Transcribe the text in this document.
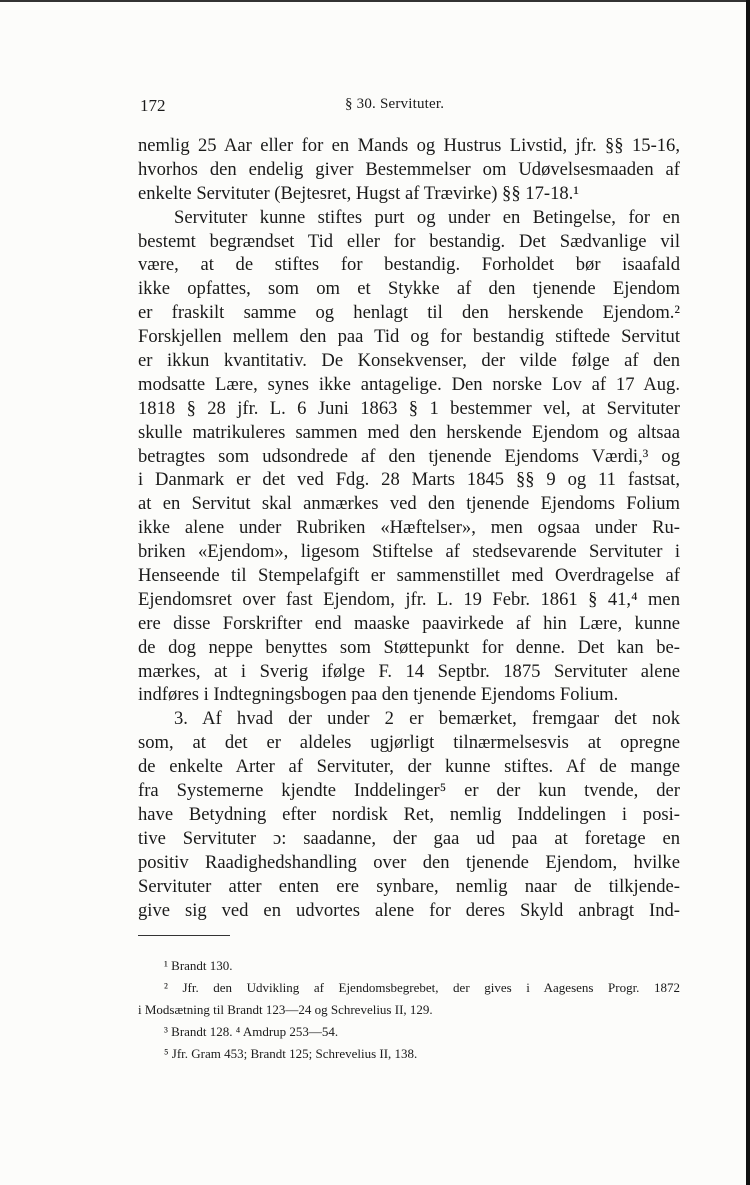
172	§ 30. Servituter.
nemlig 25 Aar eller for en Mands og Hustrus Livstid, jfr. §§ 15-16,
hvorhos den endelig giver Bestemmelser om Udøvelsesmaaden af
enkelte Servituter (Bejtesret, Hugst af Trævirke) §§ 17-18.¹
Servituter kunne stiftes purt og under en Betingelse, for en
bestemt begrændset Tid eller for bestandig. Det Sædvanlige vil
være, at de stiftes for bestandig. Forholdet bør isaafald
ikke opfattes, som om et Stykke af den tjenende Ejendom
er fraskilt samme og henlagt til den herskende Ejendom.²
Forskjellen mellem den paa Tid og for bestandig stiftede Servitut
er ikkun kvantitativ. De Konsekvenser, der vilde følge af den
modsatte Lære, synes ikke antagelige. Den norske Lov af 17 Aug.
1818 § 28 jfr. L. 6 Juni 1863 § 1 bestemmer vel, at Servituter
skulle matrikuleres sammen med den herskende Ejendom og altsaa
betragtes som udsondrede af den tjenende Ejendoms Værdi,³ og
i Danmark er det ved Fdg. 28 Marts 1845 §§ 9 og 11 fastsat,
at en Servitut skal anmærkes ved den tjenende Ejendoms Folium
ikke alene under Rubriken «Hæftelser», men ogsaa under Ru-
briken «Ejendom», ligesom Stiftelse af stedsevarende Servituter i
Henseende til Stempelafgift er sammenstillet med Overdragelse af
Ejendomsret over fast Ejendom, jfr. L. 19 Febr. 1861 § 41,⁴ men
ere disse Forskrifter end maaske paavirkede af hin Lære, kunne
de dog neppe benyttes som Støttepunkt for denne. Det kan be-
mærkes, at i Sverig ifølge F. 14 Septbr. 1875 Servituter alene
indføres i Indtegningsbogen paa den tjenende Ejendoms Folium.
3. Af hvad der under 2 er bemærket, fremgaar det nok
som, at det er aldeles ugjørligt tilnærmelsesvis at opregne
de enkelte Arter af Servituter, der kunne stiftes. Af de mange
fra Systemerne kjendte Inddelinger⁵ er der kun tvende, der
have Betydning efter nordisk Ret, nemlig Inddelingen i posi-
tive Servituter ɔ: saadanne, der gaa ud paa at foretage en
positiv Raadighedshandling over den tjenende Ejendom, hvilke
Servituter atter enten ere synbare, nemlig naar de tilkjende-
give sig ved en udvortes alene for deres Skyld anbragt Ind-
¹ Brandt 130.
² Jfr. den Udvikling af Ejendomsbegrebet, der gives i Aagesens Progr. 1872
i Modsætning til Brandt 123—24 og Schrevelius II, 129.
³ Brandt 128. ⁴ Amdrup 253—54.
⁵ Jfr. Gram 453; Brandt 125; Schrevelius II, 138.
